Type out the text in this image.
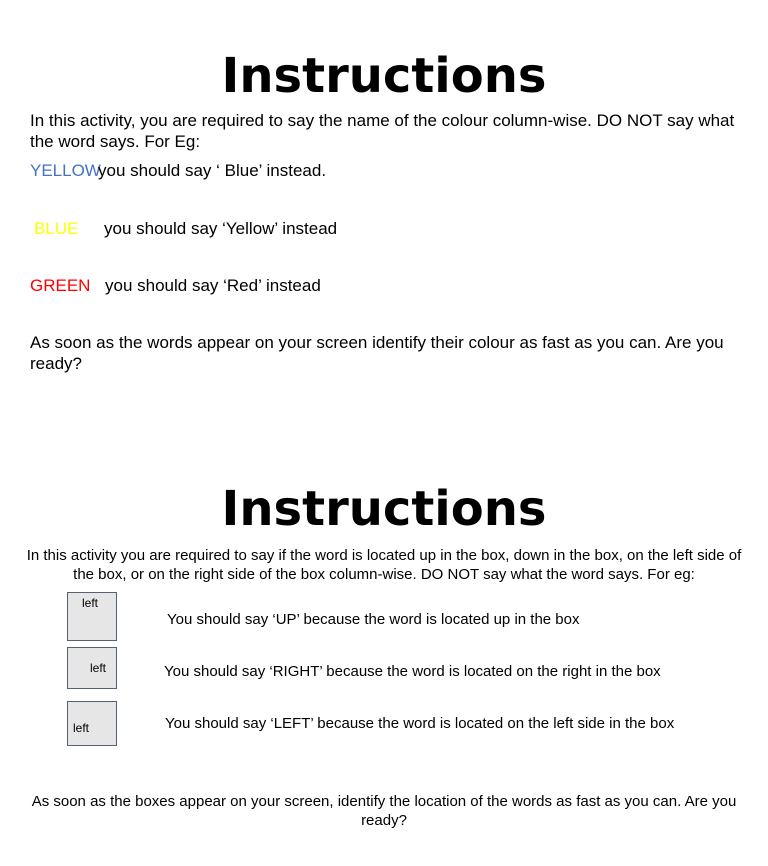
Instructions

In this activity, you are required to say the name of the colour column-wise. DO NOT say what the word says. For Eg:

YELLOW
you should say ‘ Blue’ instead.
BLUE you should say ‘Yellow’ instead
GREEN you should say ‘Red’ instead

As soon as the words appear on your screen identify their colour as fast as you can. Are you ready?

Instructions

In this activity you are required to say if the word is located up in the box, down in the box, on the left side of the box, or on the right side of the box column-wise. DO NOT say what the word says. For eg:

left
You should say ‘UP’ because the word is located up in the box
left	You should say ‘RIGHT’ because the word is located on the right in the box
left	You should say ‘LEFT’ because the word is located on the left side in the box

As soon as the boxes appear on your screen, identify the location of the words as fast as you can. Are you ready?
